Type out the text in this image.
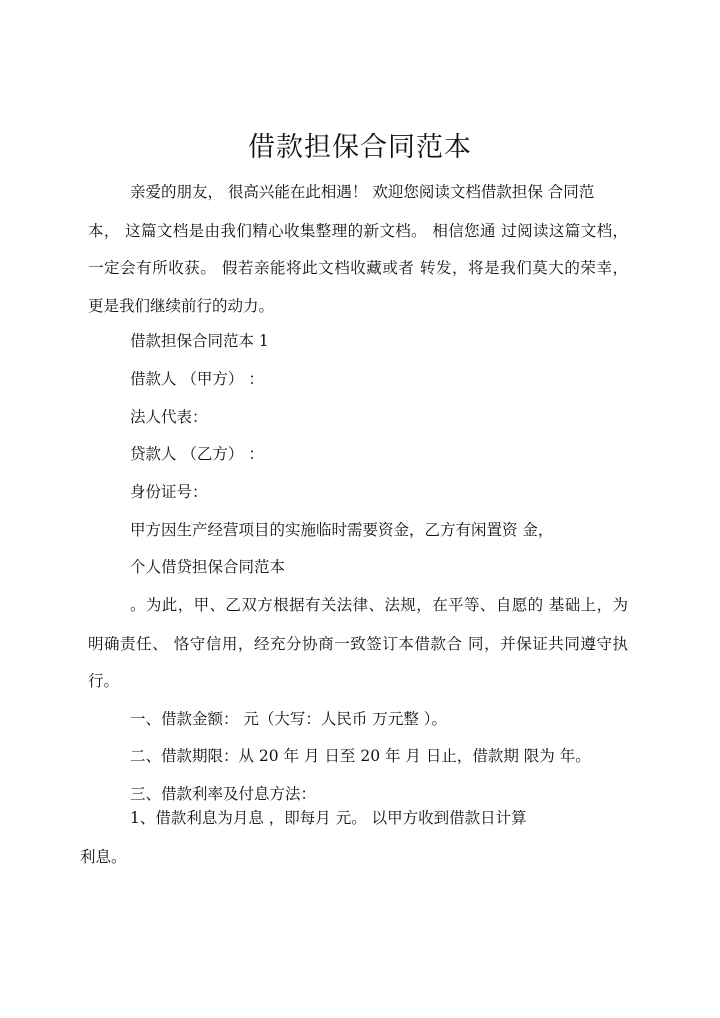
借款担保合同范本
亲爱的朋友， 很高兴能在此相遇！ 欢迎您阅读文档借款担保 合同范
本， 这篇文档是由我们精心收集整理的新文档。 相信您通 过阅读这篇文档，
一定会有所收获。 假若亲能将此文档收藏或者 转发，将是我们莫大的荣幸，
更是我们继续前行的动力。
借款担保合同范本 1
借款人 （甲方） ：
法人代表：
贷款人 （乙方） ：
身份证号：
甲方因生产经营项目的实施临时需要资金，乙方有闲置资 金，
个人借贷担保合同范本
。为此，甲、乙双方根据有关法律、法规，在平等、自愿的 基础上，为
明确责任、 恪守信用，经充分协商一致签订本借款合 同，并保证共同遵守执
行。
一、借款金额： 元（大写：人民币 万元整 ）。
二、借款期限：从 20 年 月 日至 20 年 月 日止，借款期 限为 年。
三、借款利率及付息方法：
1、借款利息为月息 ，即每月 元。 以甲方收到借款日计算
利息。
